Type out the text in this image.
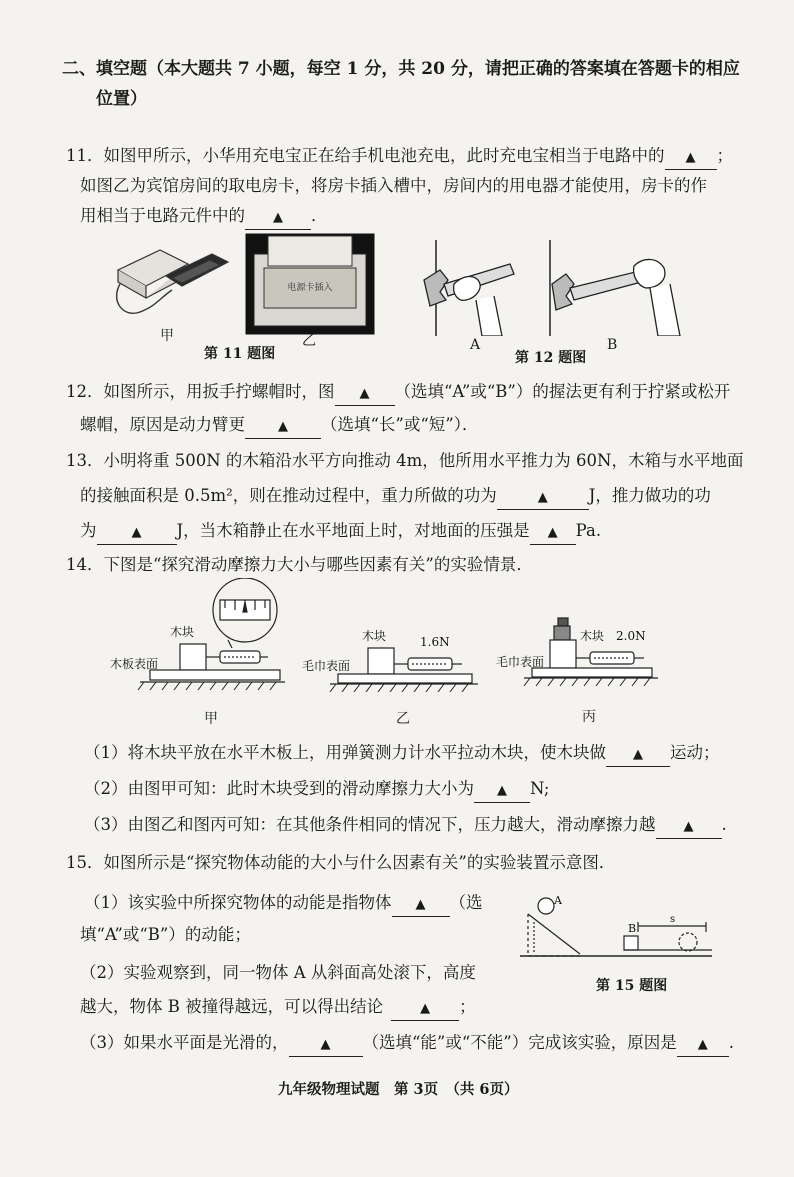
二、填空题（本大题共 7 小题，每空 1 分，共 20 分，请把正确的答案填在答题卡的相应
位置）
11．如图甲所示，小华用充电宝正在给手机电池充电，此时充电宝相当于电路中的 ▲ ；
如图乙为宾馆房间的取电房卡，将房卡插入槽中，房间内的用电器才能使用，房卡的作
用相当于电路元件中的 ▲ ．
甲
电源卡插入
乙
第 11 题图
A
第 12 题图
B
12．如图所示，用扳手拧螺帽时，图 ▲ （选填“A”或“B”）的握法更有利于拧紧或松开
螺帽，原因是动力臂更	▲ （选填“长”或“短”）．
13．小明将重 500N 的木箱沿水平方向推动 4m，他所用水平推力为 60N，木箱与水平地面
的接触面积是 0.5m²，则在推动过程中，重力所做的功为	▲ J，推力做功的功
为	▲ J，当木箱静止在水平地面上时，对地面的压强是 ▲ Pa.
14．下图是“探究滑动摩擦力大小与哪些因素有关”的实验情景．
木块
木板表面
甲
木块	1.6N
毛巾表面
乙
木块 2.0N
毛巾表面
丙
（1）将木块平放在水平木板上，用弹簧测力计水平拉动木块，使木块做 ▲ 运动；
（2）由图甲可知：此时木块受到的滑动摩擦力大小为 ▲ N;
（3）由图乙和图丙可知：在其他条件相同的情况下，压力越大，滑动摩擦力越 ▲ .
15．如图所示是“探究物体动能的大小与什么因素有关”的实验装置示意图．
（1）该实验中所探究物体的动能是指物体 ▲ （选
填“A”或“B”）的动能；
（2）实验观察到，同一物体 A 从斜面高处滚下，高度
越大，物体 B 被撞得越远，可以得出结论	▲ ；
（3）如果水平面是光滑的， ▲ （选填“能”或“不能”）完成该实验，原因是 ▲ .
A
B
s
第 15 题图
九年级物理试题　第 3页　（共 6页）
